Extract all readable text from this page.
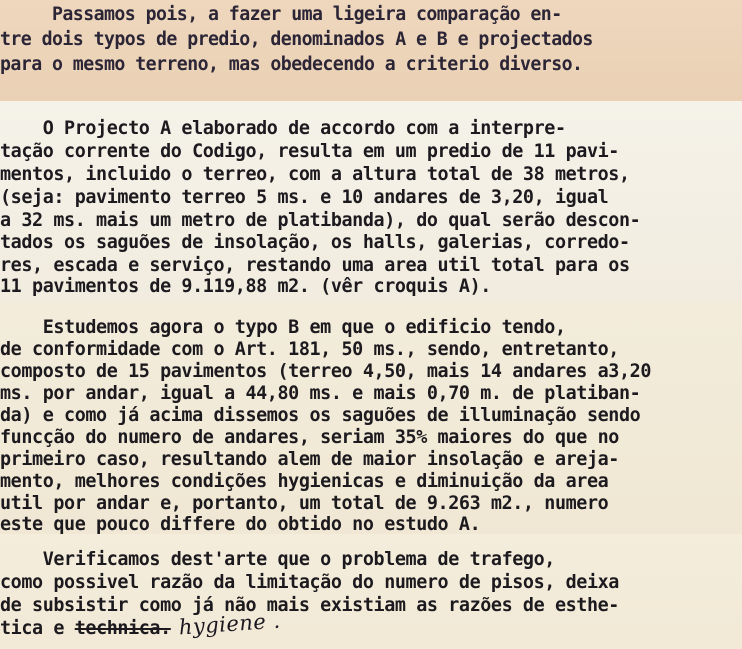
Passamos pois, a fazer uma ligeira comparação en-
tre dois typos de predio, denominados A e B e projectados
para o mesmo terreno, mas obedecendo a criterio diverso.
O Projecto A elaborado de accordo com a interpre-
tação corrente do Codigo, resulta em um predio de 11 pavi-
mentos, incluido o terreo, com a altura total de 38 metros,
(seja: pavimento terreo 5 ms. e 10 andares de 3,20, igual
a 32 ms. mais um metro de platibanda), do qual serão descon-
tados os saguões de insolação, os halls, galerias, corredo-
res, escada e serviço, restando uma area util total para os
11 pavimentos de 9.119,88 m2. (vêr croquis A).
Estudemos agora o typo B em que o edificio tendo,
de conformidade com o Art. 181, 50 ms., sendo, entretanto,
composto de 15 pavimentos (terreo 4,50, mais 14 andares a3,20
ms. por andar, igual a 44,80 ms. e mais 0,70 m. de platiban-
da) e como já acima dissemos os saguões de illuminação sendo
funcção do numero de andares, seriam 35% maiores do que no
primeiro caso, resultando alem de maior insolação e areja-
mento, melhores condições hygienicas e diminuição da area
util por andar e, portanto, um total de 9.263 m2., numero
este que pouco differe do obtido no estudo A.
Verificamos dest'arte que o problema de trafego,
como possivel razão da limitação do numero de pisos, deixa
de subsistir como já não mais existiam as razões de esthe-
tica e technica. hygiene .
